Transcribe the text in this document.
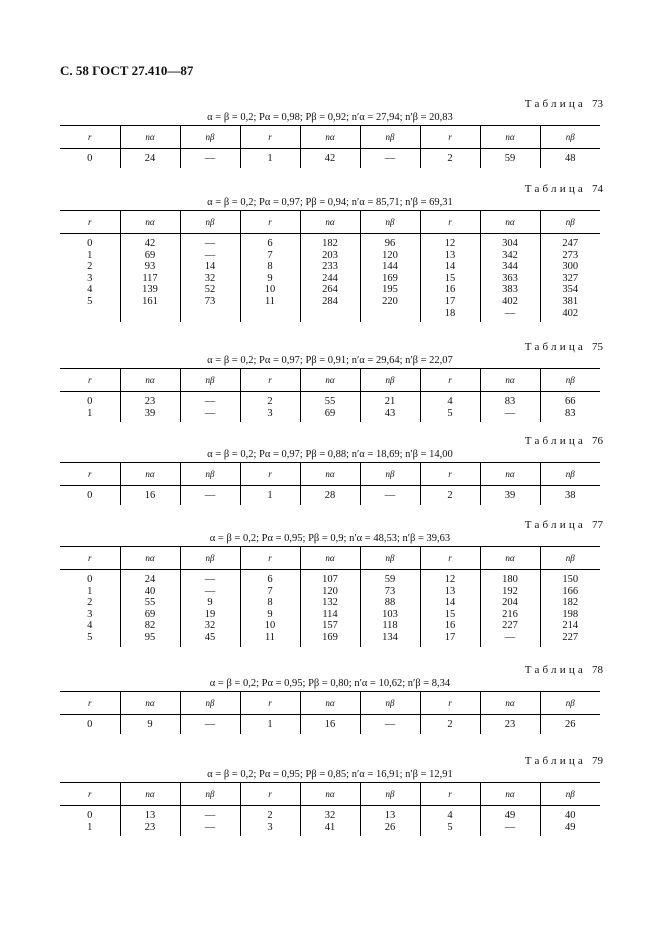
С. 58 ГОСТ 27.410—87
Таблица 73
α = β = 0,2; Pα = 0,98; Pβ = 0,92; n′α = 27,94; n′β = 20,83
r	nα	nβ	r	nα	nβ	r	nα	nβ
0	24	—	1	42	—	2	59	48
Таблица 74
α = β = 0,2; Pα = 0,97; Pβ = 0,94; n′α = 85,71; n′β = 69,31
r	nα	nβ	r	nα	nβ	r	nα	nβ
0	42	—	6	182	96	12	304	247
1	69	—	7	203	120	13	342	273
2	93	14	8	233	144	14	344	300
3	117	32	9	244	169	15	363	327
4	139	52	10	264	195	16	383	354
5	161	73	11	284	220	17	402	381
						18	—	402
Таблица 75
α = β = 0,2; Pα = 0,97; Pβ = 0,91; n′α = 29,64; n′β = 22,07
r	nα	nβ	r	nα	nβ	r	nα	nβ
0	23	—	2	55	21	4	83	66
1	39	—	3	69	43	5	—	83
Таблица 76
α = β = 0,2; Pα = 0,97; Pβ = 0,88; n′α = 18,69; n′β = 14,00
r	nα	nβ	r	nα	nβ	r	nα	nβ
0	16	—	1	28	—	2	39	38
Таблица 77
α = β = 0,2; Pα = 0,95; Pβ = 0,9; n′α = 48,53; n′β = 39,63
r	nα	nβ	r	nα	nβ	r	nα	nβ
0	24	—	6	107	59	12	180	150
1	40	—	7	120	73	13	192	166
2	55	9	8	132	88	14	204	182
3	69	19	9	114	103	15	216	198
4	82	32	10	157	118	16	227	214
5	95	45	11	169	134	17	—	227
Таблица 78
α = β = 0,2; Pα = 0,95; Pβ = 0,80; n′α = 10,62; n′β = 8,34
r	nα	nβ	r	nα	nβ	r	nα	nβ
0	9	—	1	16	—	2	23	26
Таблица 79
α = β = 0,2; Pα = 0,95; Pβ = 0,85; n′α = 16,91; n′β = 12,91
r	nα	nβ	r	nα	nβ	r	nα	nβ
0	13	—	2	32	13	4	49	40
1	23	—	3	41	26	5	—	49
